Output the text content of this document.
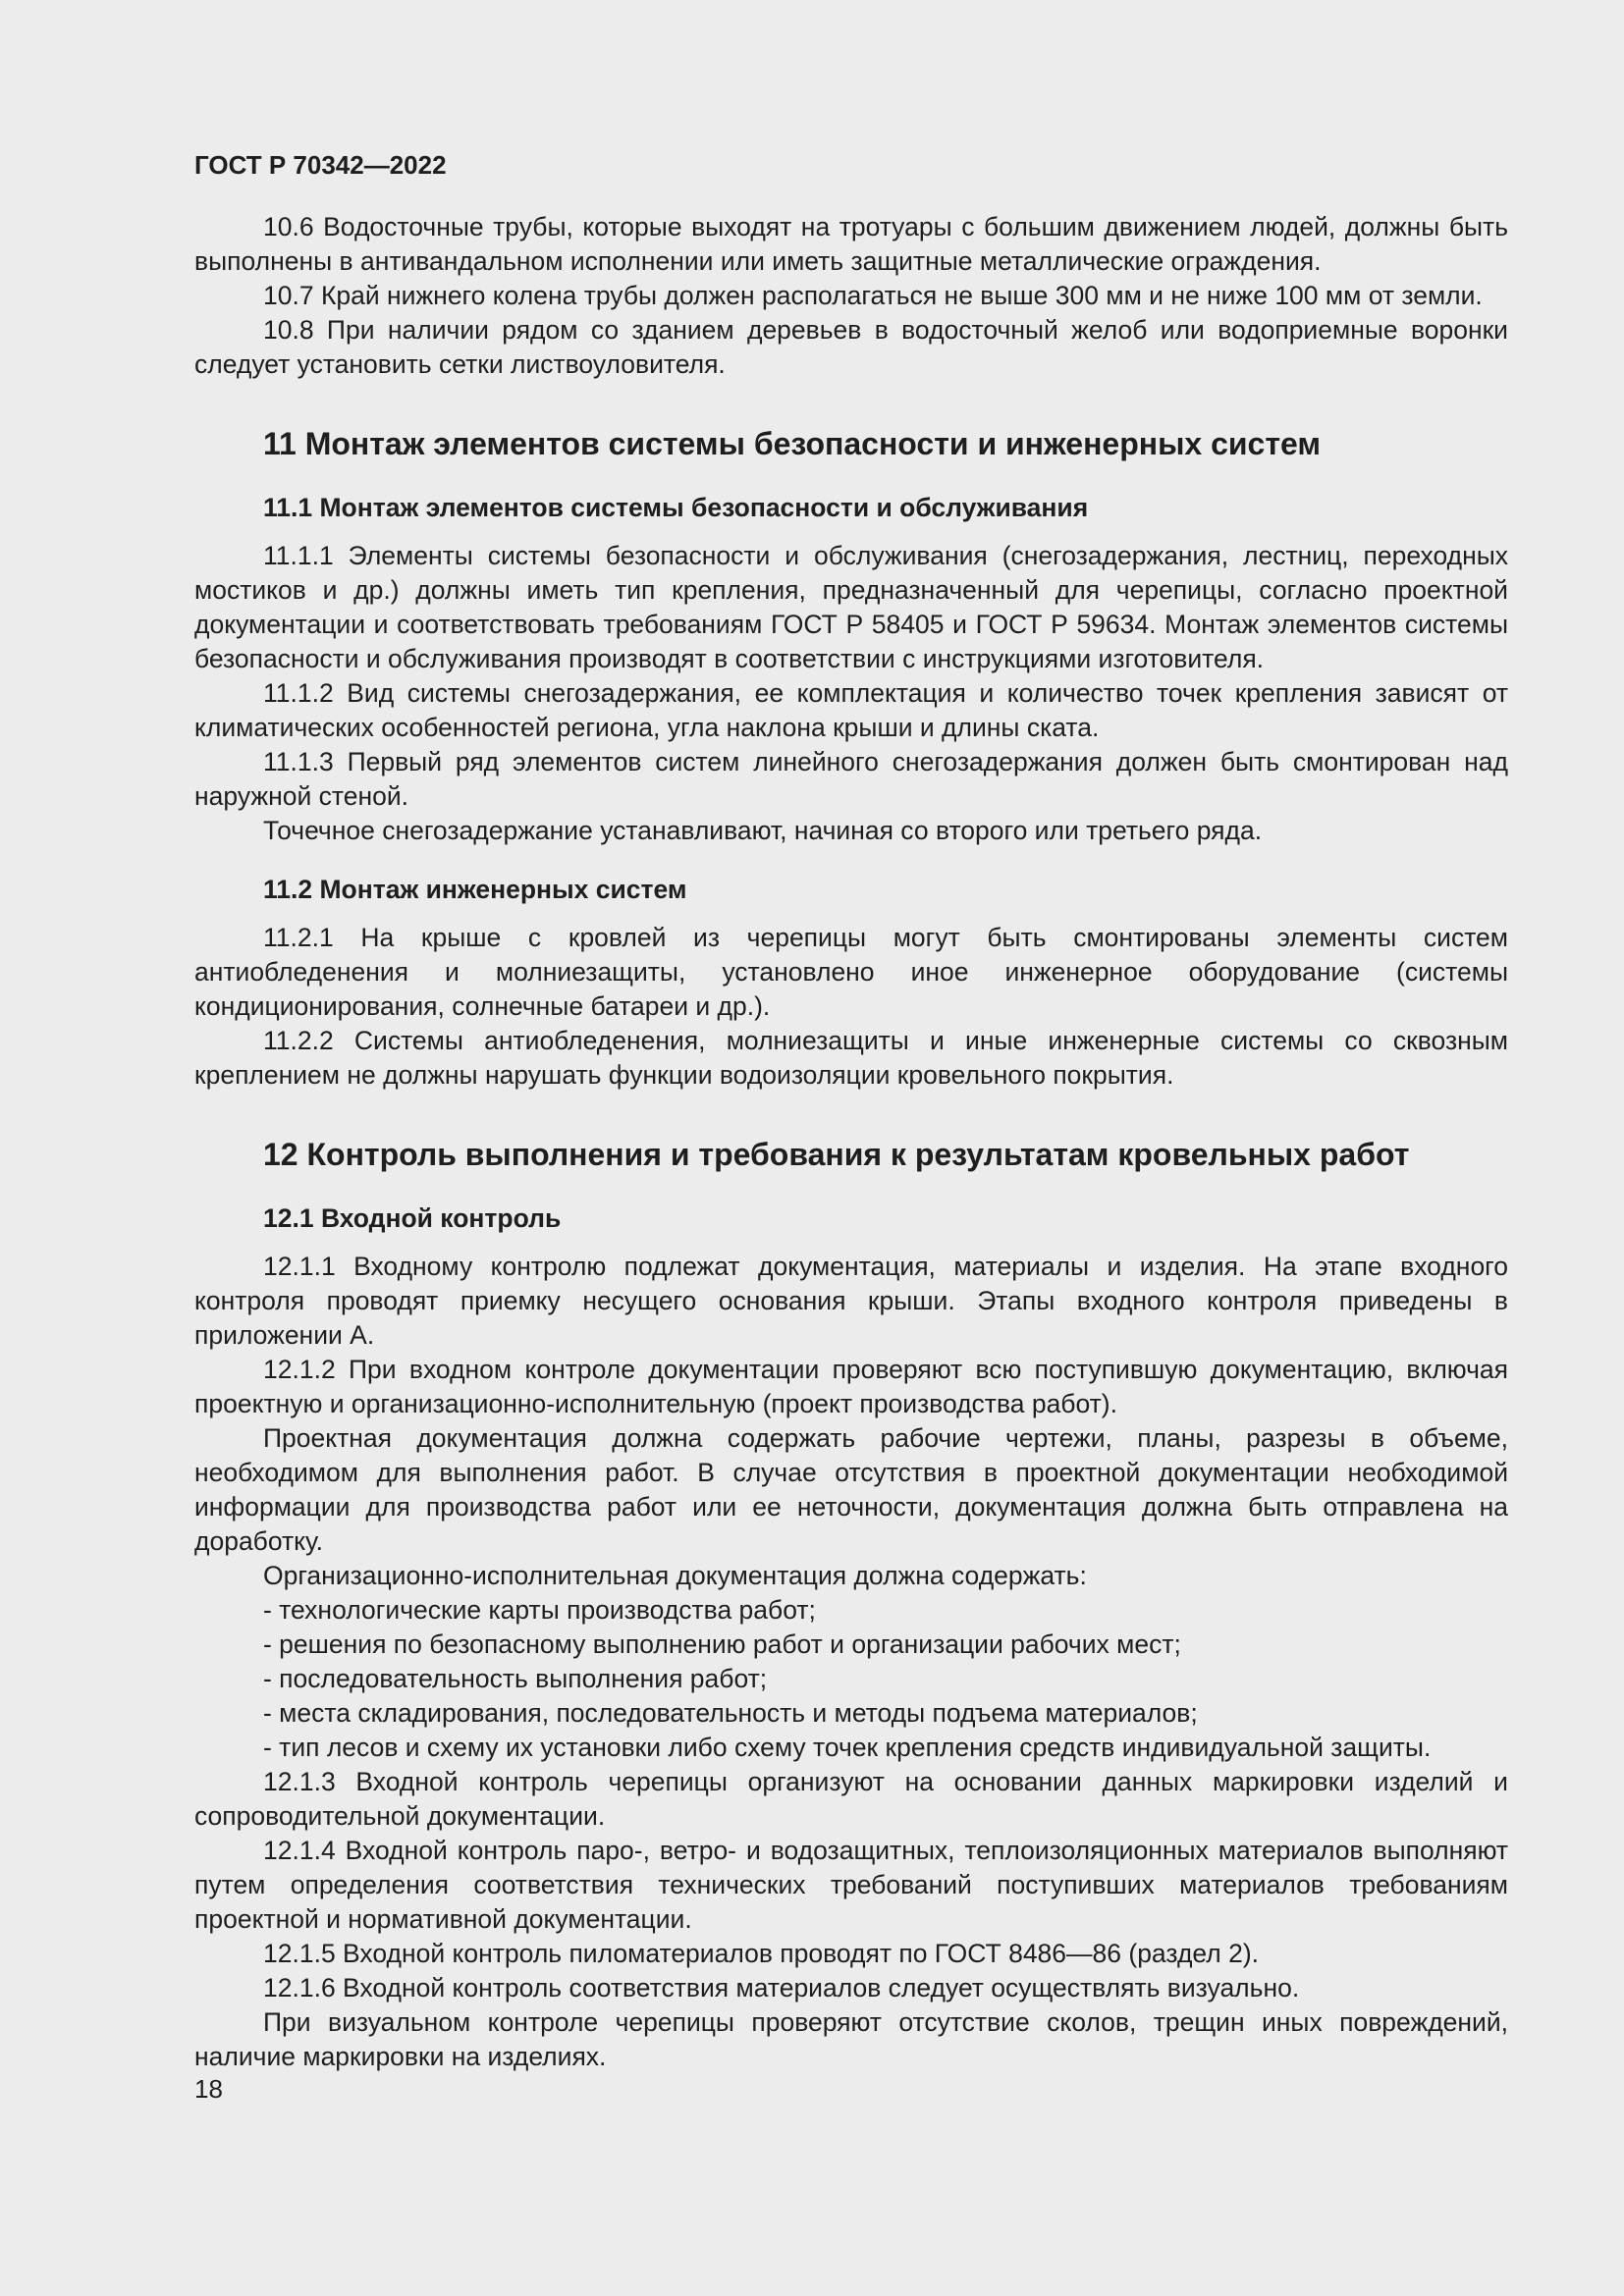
ГОСТ Р 70342—2022

10.6 Водосточные трубы, которые выходят на тротуары с большим движением людей, должны быть выполнены в антивандальном исполнении или иметь защитные металлические ограждения.

10.7 Край нижнего колена трубы должен располагаться не выше 300 мм и не ниже 100 мм от земли.

10.8 При наличии рядом со зданием деревьев в водосточный желоб или водоприемные воронки следует установить сетки листвоуловителя.

11 Монтаж элементов системы безопасности и инженерных систем
11.1 Монтаж элементов системы безопасности и обслуживания

11.1.1 Элементы системы безопасности и обслуживания (снегозадержания, лестниц, переходных мостиков и др.) должны иметь тип крепления, предназначенный для черепицы, согласно проектной документации и соответствовать требованиям ГОСТ Р 58405 и ГОСТ Р 59634. Монтаж элементов системы безопасности и обслуживания производят в соответствии с инструкциями изготовителя.

11.1.2 Вид системы снегозадержания, ее комплектация и количество точек крепления зависят от климатических особенностей региона, угла наклона крыши и длины ската.

11.1.3 Первый ряд элементов систем линейного снегозадержания должен быть смонтирован над наружной стеной.

Точечное снегозадержание устанавливают, начиная со второго или третьего ряда.

11.2 Монтаж инженерных систем

11.2.1 На крыше с кровлей из черепицы могут быть смонтированы элементы систем антиобледенения и молниезащиты, установлено иное инженерное оборудование (системы кондиционирования, солнечные батареи и др.).

11.2.2 Системы антиобледенения, молниезащиты и иные инженерные системы со сквозным креплением не должны нарушать функции водоизоляции кровельного покрытия.

12 Контроль выполнения и требования к результатам кровельных работ
12.1 Входной контроль

12.1.1 Входному контролю подлежат документация, материалы и изделия. На этапе входного контроля проводят приемку несущего основания крыши. Этапы входного контроля приведены в приложении А.

12.1.2 При входном контроле документации проверяют всю поступившую документацию, включая проектную и организационно-исполнительную (проект производства работ).

Проектная документация должна содержать рабочие чертежи, планы, разрезы в объеме, необходимом для выполнения работ. В случае отсутствия в проектной документации необходимой информации для производства работ или ее неточности, документация должна быть отправлена на доработку.

Организационно-исполнительная документация должна содержать:

- технологические карты производства работ;

- решения по безопасному выполнению работ и организации рабочих мест;

- последовательность выполнения работ;

- места складирования, последовательность и методы подъема материалов;

- тип лесов и схему их установки либо схему точек крепления средств индивидуальной защиты.

12.1.3 Входной контроль черепицы организуют на основании данных маркировки изделий и сопроводительной документации.

12.1.4 Входной контроль паро-, ветро- и водозащитных, теплоизоляционных материалов выполняют путем определения соответствия технических требований поступивших материалов требованиям проектной и нормативной документации.

12.1.5 Входной контроль пиломатериалов проводят по ГОСТ 8486—86 (раздел 2).

12.1.6 Входной контроль соответствия материалов следует осуществлять визуально.

При визуальном контроле черепицы проверяют отсутствие сколов, трещин иных повреждений, наличие маркировки на изделиях.

18
